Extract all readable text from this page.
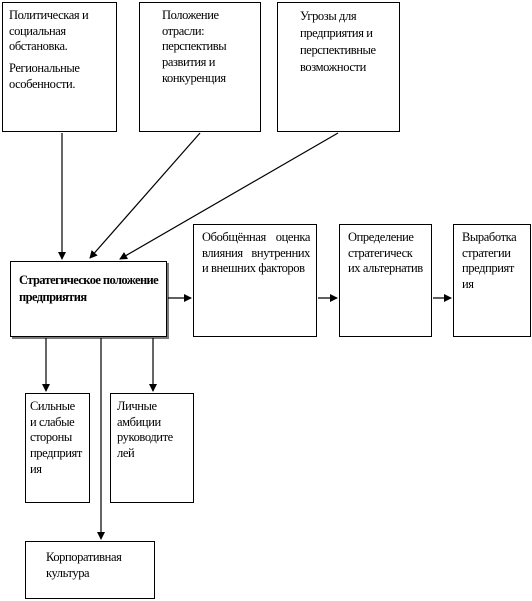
Политическая и социальная обстановка.

Региональные особенности.

Положение отрасли: перспективы развития и конкуренция

Угрозы для предприятия и перспективные возможности

Стратегическое положение предприятия

Обобщённая оценка влияния внутренних и внешних факторов

Определение стратегическ их альтернатив

Выработка стратегии предприят ия

Сильные и слабые стороны предприят ия

Личные амбиции руководите лей

Корпоративная культура
